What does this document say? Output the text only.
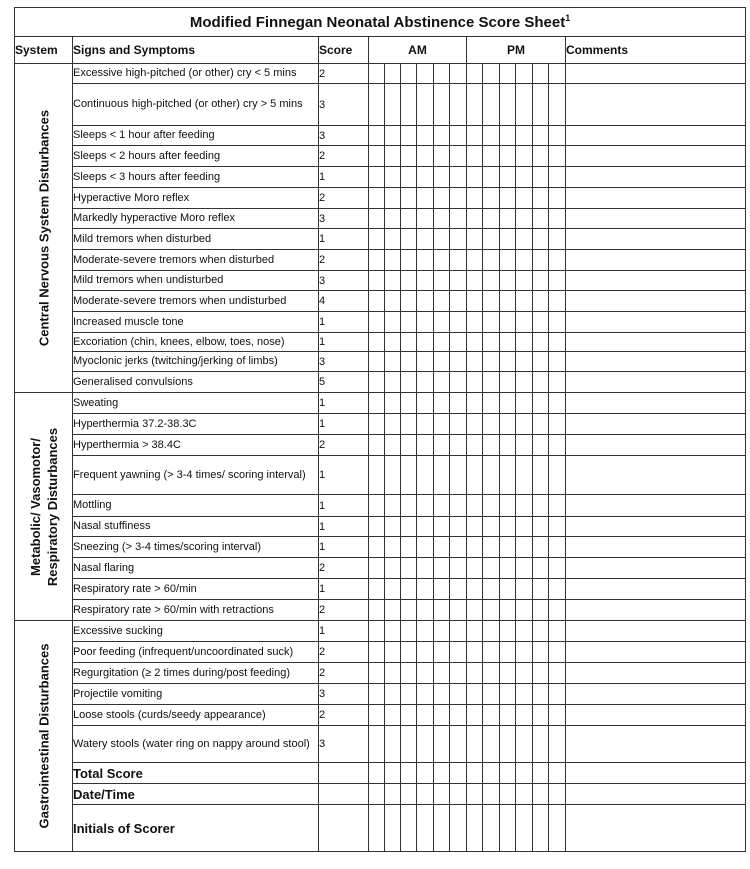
Modified Finnegan Neonatal Abstinence Score Sheet$^1$
System	Signs and Symptoms	Score	AM						PM						Comments

Central Nervous System Disturbances	Excessive high-pitched (or other) cry < 5 mins	2													
	Continuous high-pitched (or other) cry > 5 mins	3													
	Sleeps < 1 hour after feeding	3													
	Sleeps < 2 hours after feeding	2													
	Sleeps < 3 hours after feeding	1													
	Hyperactive Moro reflex	2													
	Markedly hyperactive Moro reflex	3													
	Mild tremors when disturbed	1													
	Moderate-severe tremors when disturbed	2													
	Mild tremors when undisturbed	3													
	Moderate-severe tremors when undisturbed	4													
	Increased muscle tone	1													
	Excoriation (chin, knees, elbow, toes, nose)	1													
	Myoclonic jerks (twitching/jerking of limbs)	3													
	Generalised convulsions	5													

Metabolic/ Vasomotor/ Respiratory Disturbances	Sweating	1													
	Hyperthermia 37.2-38.3C	1													
	Hyperthermia > 38.4C	2													
	Frequent yawning (> 3-4 times/ scoring interval)	1													
	Mottling	1													
	Nasal stuffiness	1													
	Sneezing (> 3-4 times/scoring interval)	1													
	Nasal flaring	2													
	Respiratory rate > 60/min	1													
	Respiratory rate > 60/min with retractions	2													

Gastrointestinal Disturbances	Excessive sucking	1													
	Poor feeding (infrequent/uncoordinated suck)	2													
	Regurgitation (≥ 2 times during/post feeding)	2													
	Projectile vomiting	3													
	Loose stools (curds/seedy appearance)	2													
	Watery stools (water ring on nappy around stool)	3													
	Total Score														
	Date/Time														
	Initials of Scorer														
